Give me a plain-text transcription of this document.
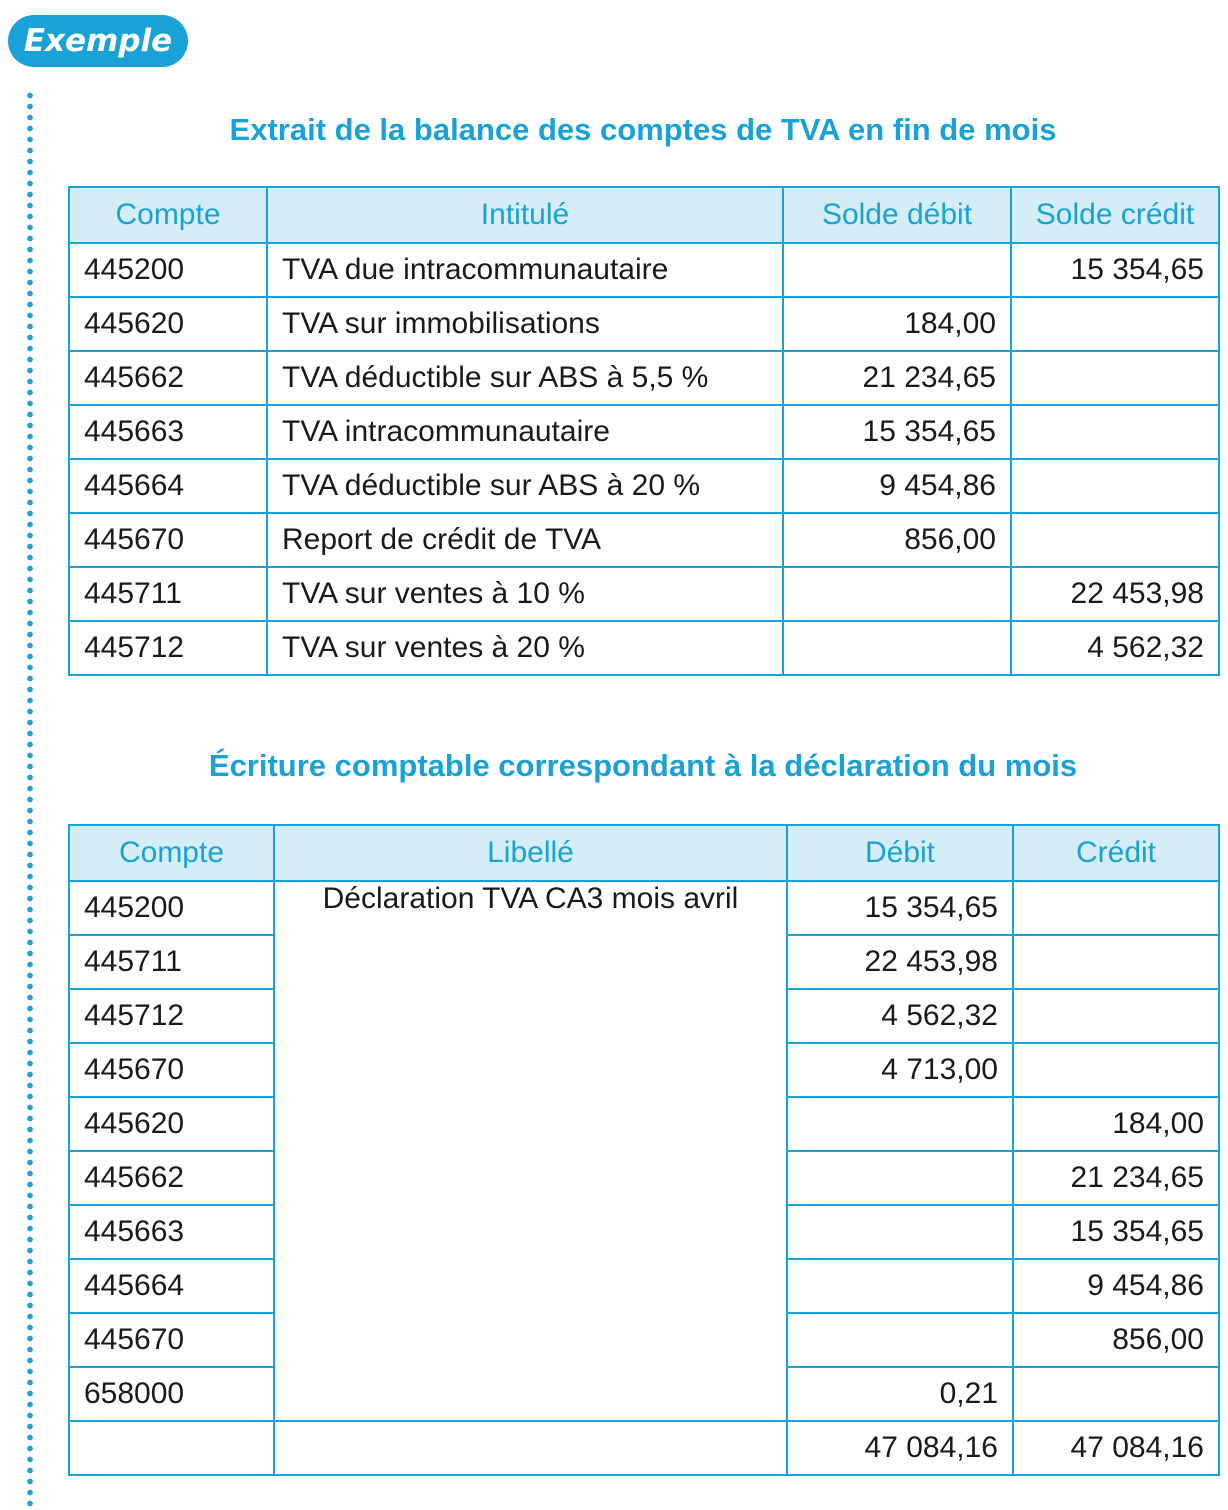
Exemple
Extrait de la balance des comptes de TVA en fin de mois
Compte	Intitulé	Solde débit	Solde crédit
445200	TVA due intracommunautaire		15 354,65
445620	TVA sur immobilisations	184,00	
445662	TVA déductible sur ABS à 5,5 %	21 234,65	
445663	TVA intracommunautaire	15 354,65	
445664	TVA déductible sur ABS à 20 %	9 454,86	
445670	Report de crédit de TVA	856,00	
445711	TVA sur ventes à 10 %		22 453,98
445712	TVA sur ventes à 20 %		4 562,32
Écriture comptable correspondant à la déclaration du mois
Compte	Libellé	Débit	Crédit
445200	Déclaration TVA CA3 mois avril	15 354,65	
445711		22 453,98	
445712		4 562,32	
445670		4 713,00	
445620			184,00
445662			21 234,65
445663			15 354,65
445664			9 454,86
445670			856,00
658000		0,21	
		47 084,16	47 084,16
